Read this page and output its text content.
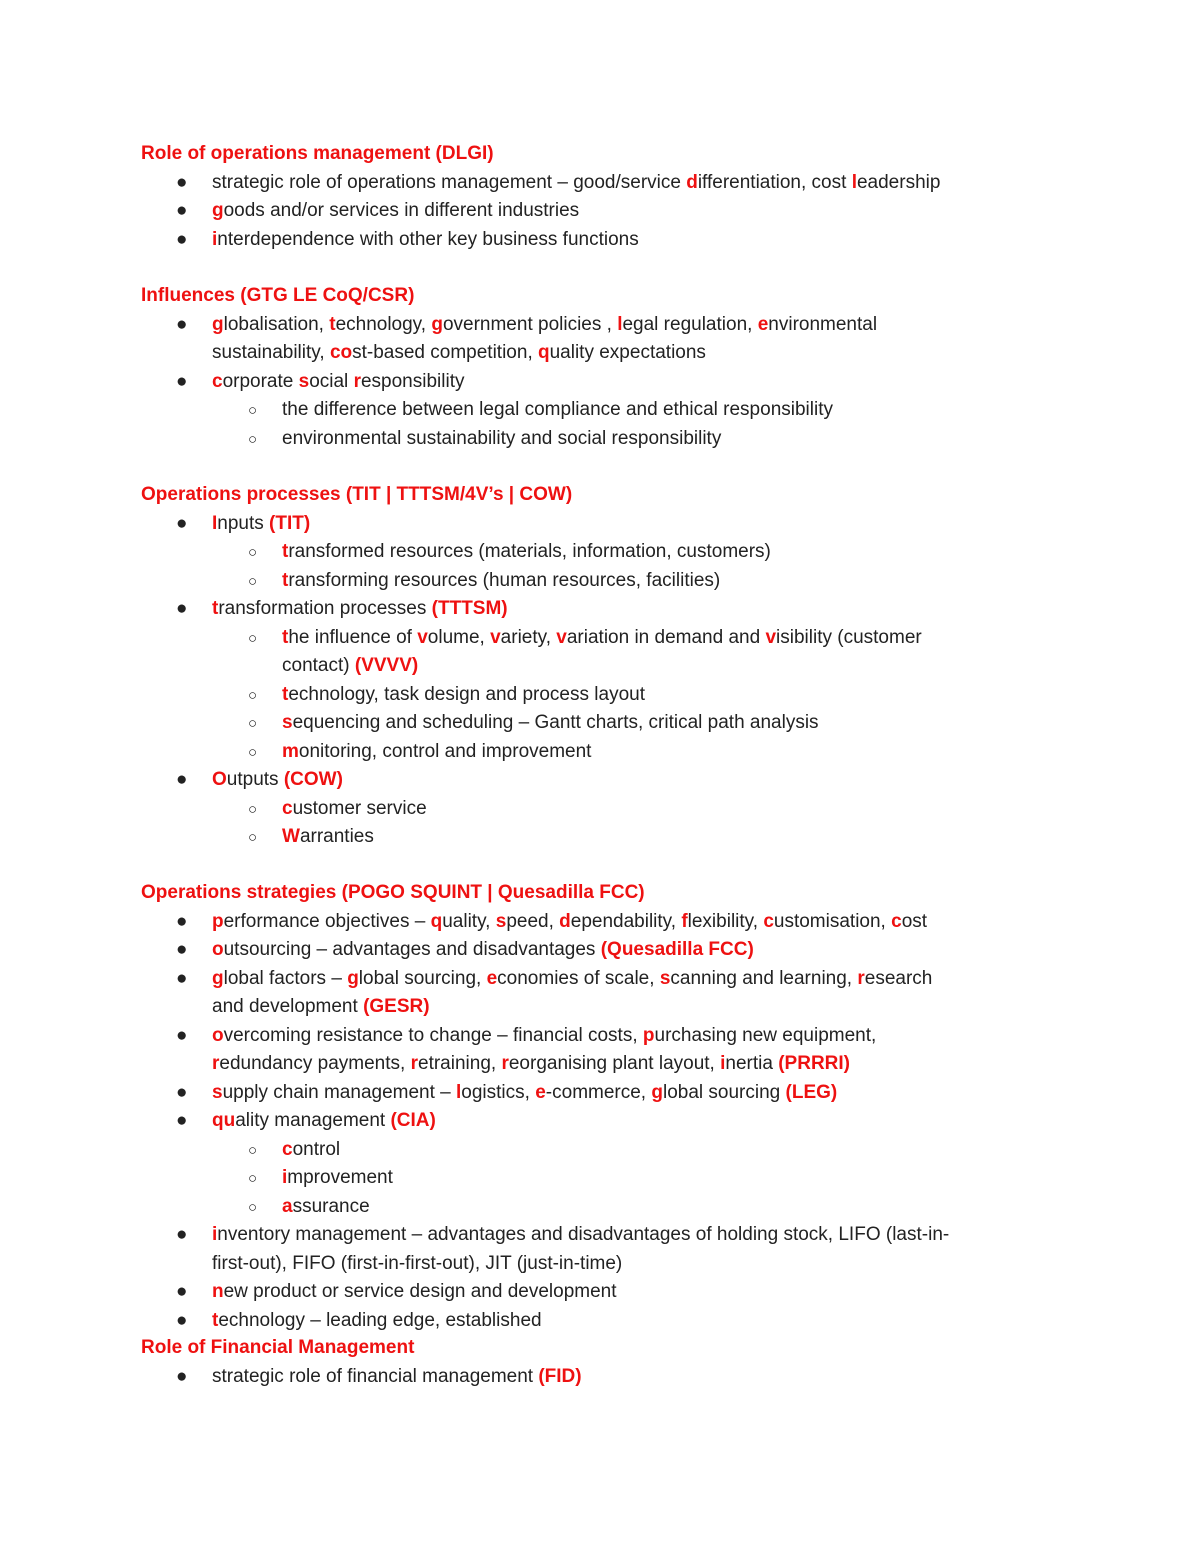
Role of operations management (DLGI)
● strategic role of operations management – good/service differentiation, cost leadership
● goods and/or services in different industries
● interdependence with other key business functions
Influences (GTG LE CoQ/CSR)
● globalisation, technology, government policies , legal regulation, environmental
sustainability, cost-based competition, quality expectations
● corporate social responsibility
○ the difference between legal compliance and ethical responsibility
○ environmental sustainability and social responsibility
Operations processes (TIT | TTTSM/4V’s | COW)
● Inputs (TIT)
○ transformed resources (materials, information, customers)
○ transforming resources (human resources, facilities)
● transformation processes (TTTSM)
○ the influence of volume, variety, variation in demand and visibility (customer
contact) (VVVV)
○ technology, task design and process layout
○ sequencing and scheduling – Gantt charts, critical path analysis
○ monitoring, control and improvement
● Outputs (COW)
○ customer service
○ Warranties
Operations strategies (POGO SQUINT | Quesadilla FCC)
● performance objectives – quality, speed, dependability, flexibility, customisation, cost
● outsourcing – advantages and disadvantages (Quesadilla FCC)
● global factors – global sourcing, economies of scale, scanning and learning, research
and development (GESR)
● overcoming resistance to change – financial costs, purchasing new equipment,
redundancy payments, retraining, reorganising plant layout, inertia (PRRRI)
● supply chain management – logistics, e-commerce, global sourcing (LEG)
● quality management (CIA)
○ control
○ improvement
○ assurance
● inventory management – advantages and disadvantages of holding stock, LIFO (last-in-
first-out), FIFO (first-in-first-out), JIT (just-in-time)
● new product or service design and development
● technology – leading edge, established
Role of Financial Management
● strategic role of financial management (FID)
